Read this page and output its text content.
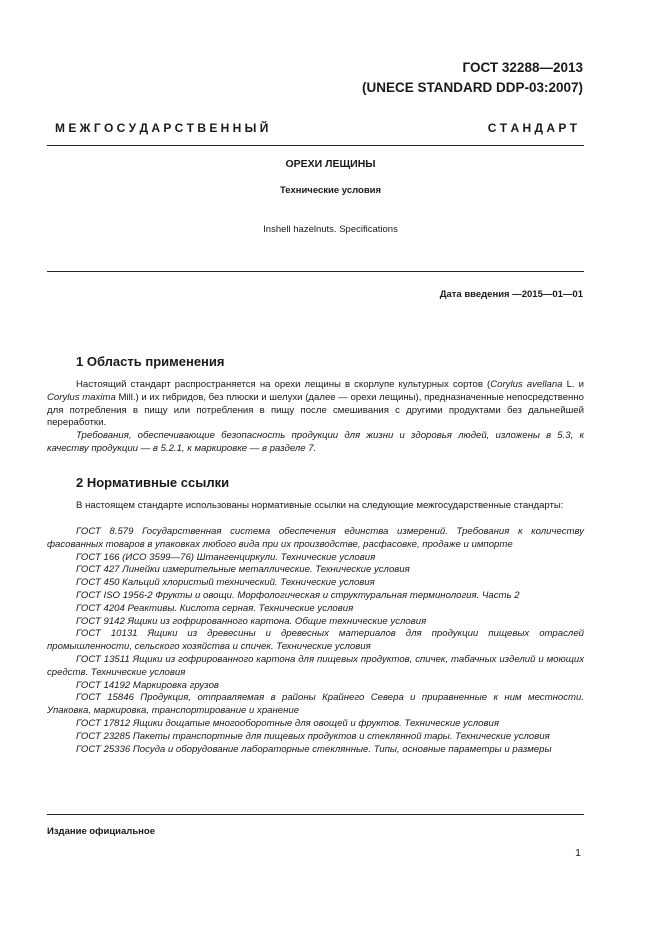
ГОСТ 32288—2013
(UNECE STANDARD DDP-03:2007)
М Е Ж Г О С У Д А Р С Т В Е Н Н Ы Й	С Т А Н Д А Р Т
ОРЕХИ ЛЕЩИНЫ
Технические условия
Inshell hazelnuts. Specifications
Дата введения —2015—01—01
1 Область применения

Настоящий стандарт распространяется на орехи лещины в скорлупе культурных сортов (Corylus avellana L. и Corylus maxima Mill.) и их гибридов, без плюски и шелухи (далее — орехи лещины), предназначенные непосредственно для потребления в пищу или потребления в пищу после смешивания с другими продуктами без дальнейшей переработки.

Требования, обеспечивающие безопасность продукции для жизни и здоровья людей, изложены в 5.3, к качеству продукции — в 5.2.1, к маркировке — в разделе 7.

2 Нормативные ссылки

В настоящем стандарте использованы нормативные ссылки на следующие межгосударственные стандарты:

ГОСТ 8.579 Государственная система обеспечения единства измерений. Требования к количеству фасованных товаров в упаковках любого вида при их производстве, расфасовке, продаже и импорте

ГОСТ 166 (ИСО 3599—76) Штангенциркули. Технические условия

ГОСТ 427 Линейки измерительные металлические. Технические условия

ГОСТ 450 Кальций хлористый технический. Технические условия

ГОСТ ISO 1956-2 Фрукты и овощи. Морфологическая и структуральная терминология. Часть 2

ГОСТ 4204 Реактивы. Кислота серная. Технические условия

ГОСТ 9142 Ящики из гофрированного картона. Общие технические условия

ГОСТ 10131 Ящики из древесины и древесных материалов для продукции пищевых отраслей промышленности, сельского хозяйства и спичек. Технические условия

ГОСТ 13511 Ящики из гофрированного картона для пищевых продуктов, спичек, табачных изделий и моющих средств. Технические условия

ГОСТ 14192 Маркировка грузов

ГОСТ 15846 Продукция, отправляемая в районы Крайнего Севера и приравненные к ним местности. Упаковка, маркировка, транспортирование и хранение

ГОСТ 17812 Ящики дощатые многооборотные для овощей и фруктов. Технические условия

ГОСТ 23285 Пакеты транспортные для пищевых продуктов и стеклянной тары. Технические условия

ГОСТ 25336 Посуда и оборудование лабораторные стеклянные. Типы, основные параметры и размеры

Издание официальное
1
